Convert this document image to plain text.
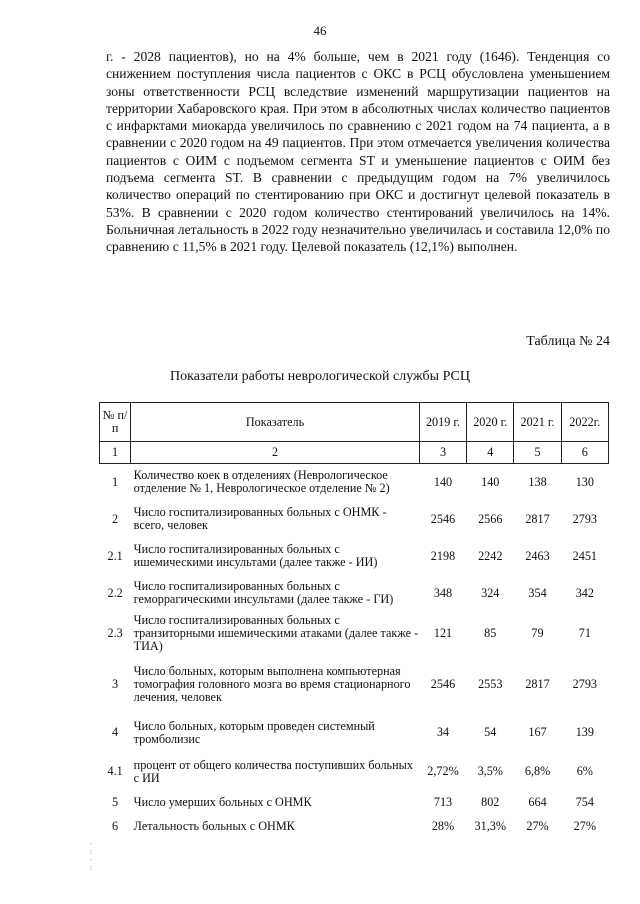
46

г. - 2028 пациентов), но на 4% больше, чем в 2021 году (1646). Тенденция со снижением поступления числа пациентов с ОКС в РСЦ обусловлена уменьшением зоны ответственности РСЦ вследствие изменений маршрутизации пациентов на территории Хабаровского края. При этом в абсолютных числах количество пациентов с инфарктами миокарда увеличилось по сравнению с 2021 годом на 74 пациента, а в сравнении с 2020 годом на 49 пациентов. При этом отмечается увеличения количества пациентов с ОИМ с подъемом сегмента ST и уменьшение пациентов с ОИМ без подъема сегмента ST. В сравнении с предыдущим годом на 7% увеличилось количество операций по стентированию при ОКС и достигнут целевой показатель в 53%. В сравнении с 2020 годом количество стентирований увеличилось на 14%. Больничная летальность в 2022 году незначительно увеличилась и составила 12,0% по сравнению с 11,5% в 2021 году. Целевой показатель (12,1%) выполнен.

Таблица № 24
Показатели работы неврологической службы РСЦ
№ п/п	Показатель	2019 г.	2020 г.	2021 г.	2022г.
1	2	3	4	5	6
1	Количество коек в отделениях (Неврологическое отделение № 1, Неврологическое отделение № 2)	140	140	138	130
2	Число госпитализированных больных с ОНМК - всего, человек	2546	2566	2817	2793
2.1	Число госпитализированных больных с ишемическими инсультами (далее также - ИИ)	2198	2242	2463	2451
2.2	Число госпитализированных больных с геморрагическими инсультами (далее также - ГИ)	348	324	354	342
2.3	Число госпитализированных больных с транзиторными ишемическими атаками (далее также - ТИА)	121	85	79	71
3	Число больных, которым выполнена компьютерная томография головного мозга во время стационарного лечения, человек	2546	2553	2817	2793
4	Число больных, которым проведен системный тромболизис	34	54	167	139
4.1	процент от общего количества поступивших больных с ИИ	2,72%	3,5%	6,8%	6%
5	Число умерших больных с ОНМК	713	802	664	754
6	Летальность больных с ОНМК	28%	31,3%	27%	27%
·
:
·
:
